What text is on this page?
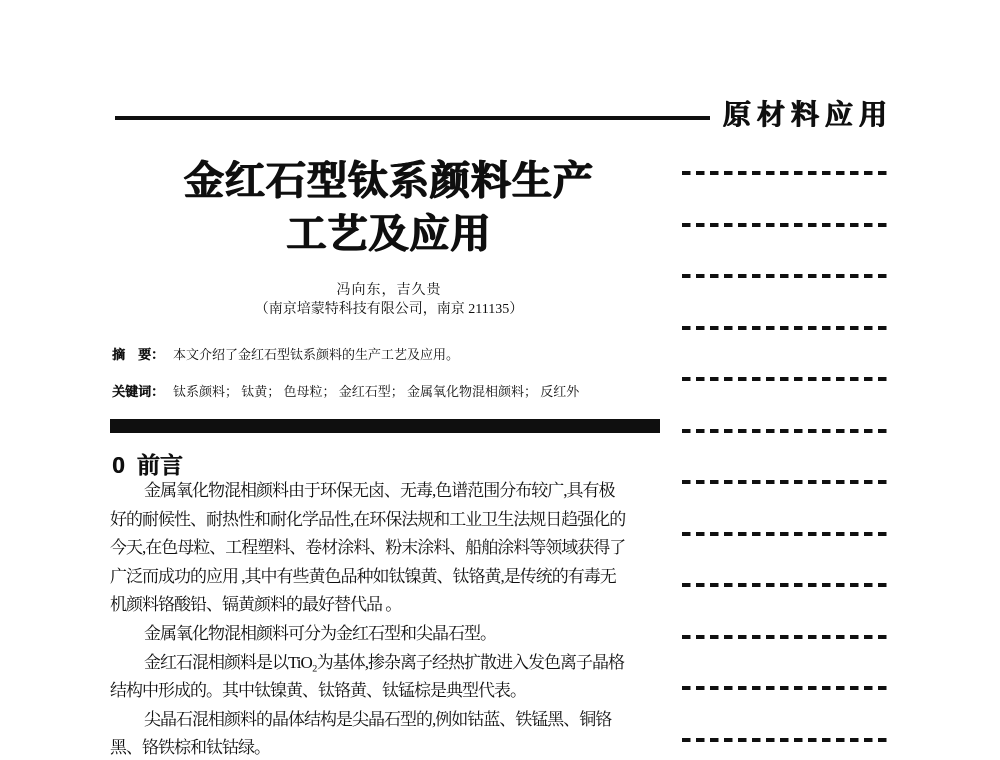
原材料应用
金红石型钛系颜料生产
工艺及应用
冯向东，吉久贵
（南京培蒙特科技有限公司，南京 211135）
摘　要： 本文介绍了金红石型钛系颜料的生产工艺及应用。
关键词： 钛系颜料； 钛黄； 色母粒； 金红石型； 金属氧化物混相颜料； 反红外
0 前言
金属氧化物混相颜料由于环保无卤、无毒,色谱范围分布较广,具有极
好的耐候性、耐热性和耐化学品性,在环保法规和工业卫生法规日趋强化的
今天,在色母粒、工程塑料、卷材涂料、粉末涂料、船舶涂料等领域获得了
广泛而成功的应用 ,其中有些黄色品种如钛镍黄、钛铬黄,是传统的有毒无
机颜料铬酸铅、镉黄颜料的最好替代品 。
金属氧化物混相颜料可分为金红石型和尖晶石型。
金红石混相颜料是以TiO₂为基体,掺杂离子经热扩散进入发色离子晶格
结构中形成的。其中钛镍黄、钛铬黄、钛锰棕是典型代表。
尖晶石混相颜料的晶体结构是尖晶石型的,例如钴蓝、铁锰黑、铜铬
黑、铬铁棕和钛钴绿。
